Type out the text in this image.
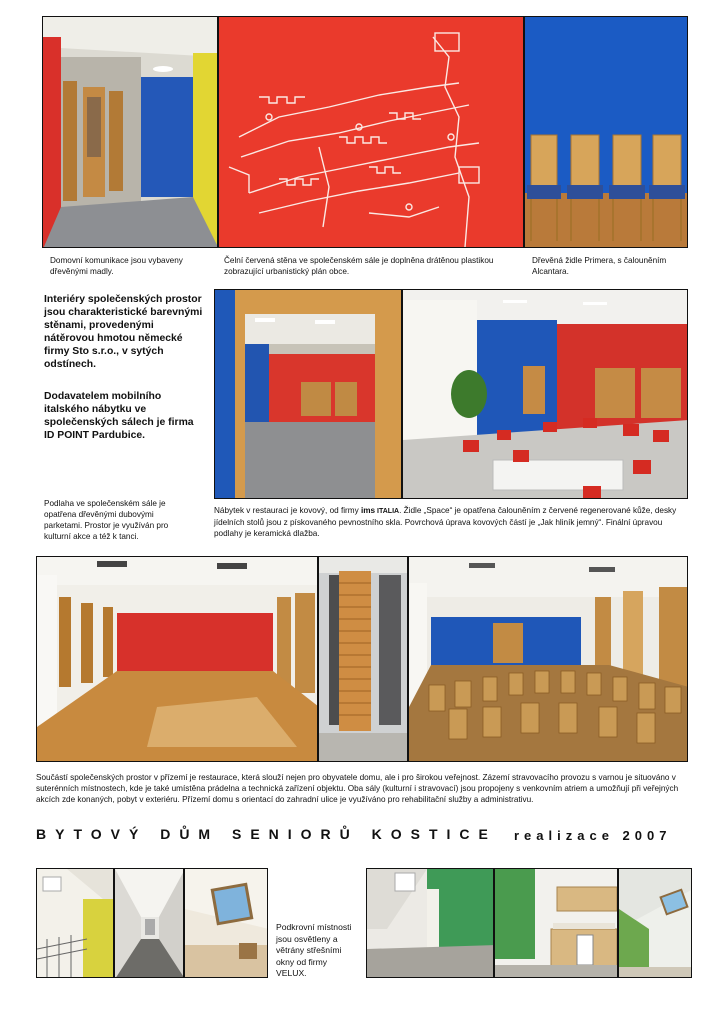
Domovní komunikace jsou vybaveny dřevěnými madly.
Čelní červená stěna ve společenském sále je doplněna drátěnou plastikou zobrazující urbanistický plán obce.
Dřevěná židle Primera, s čalouněním Alcantara.
Interiéry společenských prostor jsou charakteristické barevnými stěnami, provedenými nátěrovou hmotou německé firmy Sto s.r.o., v sytých odstínech.
Dodavatelem mobilního italského nábytku ve společenských sálech je firma ID POINT Pardubice.
Podlaha ve společenském sále je opatřena dřevěnými dubovými parketami. Prostor je využíván pro kulturní akce a též k tanci.
Nábytek v restauraci je kovový, od firmy ims ITALIA. Židle „Space“ je opatřena čalouněním z červené regenerované kůže, desky jídelních stolů jsou z pískovaného pevnostního skla. Povrchová úprava kovových částí je „Jak hliník jemný“. Finální úpravou podlahy je keramická dlažba.
Součástí společenských prostor v přízemí je restaurace, která slouží nejen pro obyvatele domu, ale i pro širokou veřejnost. Zázemí stravovacího provozu s varnou je situováno v suterénních místnostech, kde je také umístěna prádelna a technická zařízení objektu. Oba sály (kulturní i stravovací) jsou propojeny s venkovním atriem a umožňují při veřejných akcích zde konaných, pobyt v exteriéru. Přízemí domu s orientací do zahradní ulice je využíváno pro rehabilitační služby a administrativu.
BYTOVÝ DŮM SENIORŮ KOSTICE realizace 2007
Podkrovní místnosti jsou osvětleny a větrány střešními okny od firmy VELUX.
